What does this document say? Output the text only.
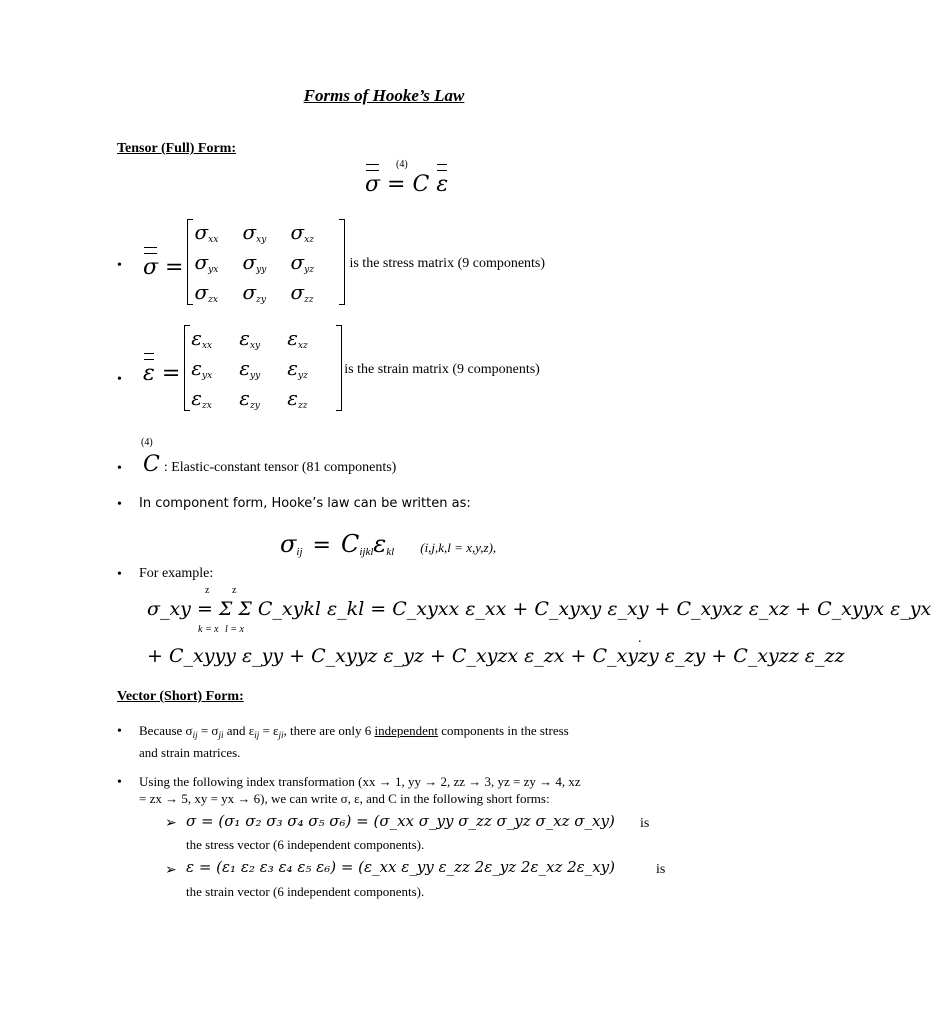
Forms of Hooke’s Law
Tensor (Full) Form:
(4)
σ = C ε
• σ =
$\sigma_{xx}$	$\sigma_{xy}$	$\sigma_{xz}$
$\sigma_{yx}$	$\sigma_{yy}$	$\sigma_{yz}$
$\sigma_{zx}$	$\sigma_{zy}$	$\sigma_{zz}$
is the stress matrix (9 components)
• ε =
$\varepsilon_{xx}$	$\varepsilon_{xy}$	$\varepsilon_{xz}$
$\varepsilon_{yx}$	$\varepsilon_{yy}$	$\varepsilon_{yz}$
$\varepsilon_{zx}$	$\varepsilon_{zy}$	$\varepsilon_{zz}$
is the strain matrix (9 components)
(4)
• C : Elastic-constant tensor (81 components)
• In component form, Hooke’s law can be written as:
$\sigma_{ij} = C_{ijkl}\varepsilon_{kl}$ (i,j,k,l = x,y,z),
• For example:
z z
k = x l = x
σ_xy = Σ Σ C_xykl ε_kl = C_xyxx ε_xx + C_xyxy ε_xy + C_xyxz ε_xz + C_xyyx ε_yx
.
+ C_xyyy ε_yy + C_xyyz ε_yz + C_xyzx ε_zx + C_xyzy ε_zy + C_xyzz ε_zz
Vector (Short) Form:
• Because $\sigma_{ij} = \sigma_{ji}$ and $\varepsilon_{ij} = \varepsilon_{ji}$, there are only 6 independent components in the stress
and strain matrices.
• Using the following index transformation (xx → 1, yy → 2, zz → 3, yz = zy → 4, xz
= zx → 5, xy = yx → 6), we can write σ, ε, and C in the following short forms:
➢ σ = (σ₁ σ₂ σ₃ σ₄ σ₅ σ₆) = (σ_xx σ_yy σ_zz σ_yz σ_xz σ_xy) is
the stress vector (6 independent components).
➢ ε = (ε₁ ε₂ ε₃ ε₄ ε₅ ε₆) = (ε_xx ε_yy ε_zz 2ε_yz 2ε_xz 2ε_xy)	is
the strain vector (6 independent components).
